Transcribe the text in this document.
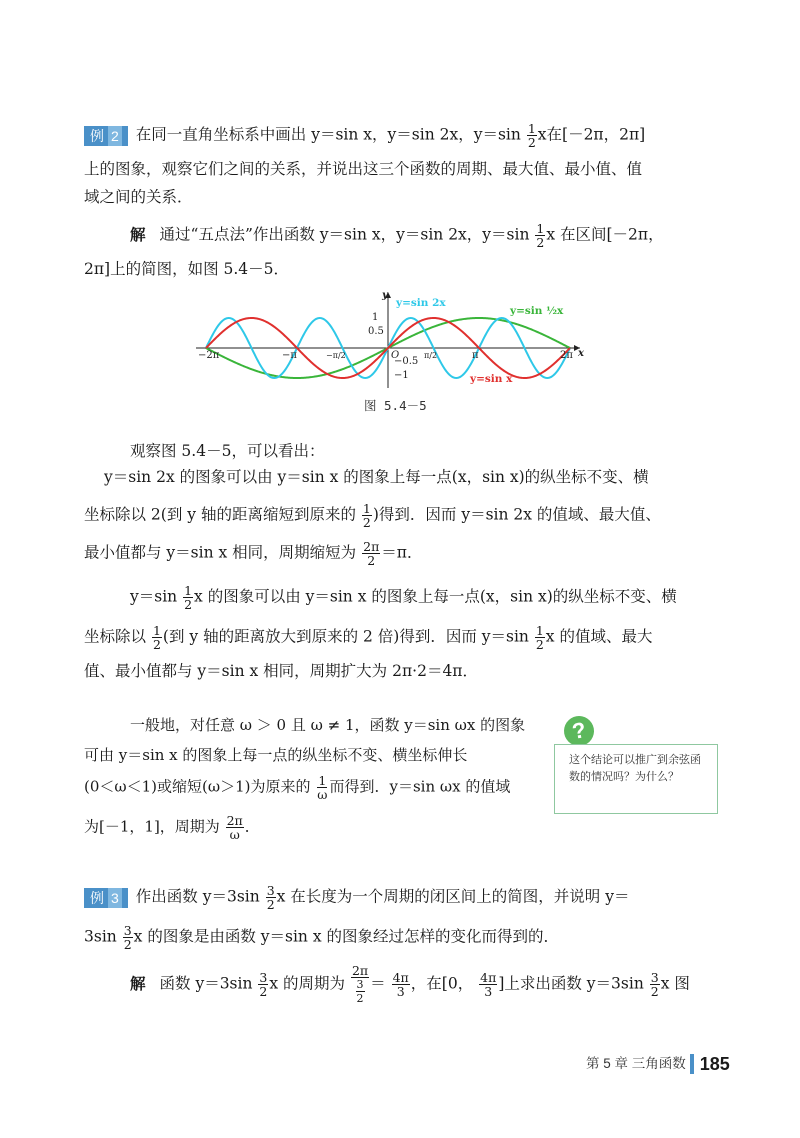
例 2 在同一直角坐标系中画出 y＝sin x，y＝sin 2x，$y=\sin \frac{1}{2}$ x在[－2π，2π]
上的图象，观察它们之间的关系，并说出这三个函数的周期、最大值、最小值、值
域之间的关系．
解 通过“五点法”作出函数 y＝sin x，y＝sin 2x，$y=\sin \frac{1}{2}$ x 在区间[－2π，
2π]上的简图，如图 5.4－5．
y
x
O
1
0.5
−0.5
−1
−2π	−π	−π/2	π/2	π	2π
y=sin 2x
y=sin ½x
y=sin x
图 5.4－5
观察图 5.4－5，可以看出：
y＝sin 2x 的图象可以由 y＝sin x 的图象上每一点(x，sin x)的纵坐标不变、横
坐标除以 2(到 y 轴的距离缩短到原来的 $\frac{1}{2}$ )得到．因而 y＝sin 2x 的值域、最大值、
最小值都与 y＝sin x 相同，周期缩短为 $\frac{2\pi}{2} =\pi$．
$y=\sin \frac{1}{2}$ x 的图象可以由 y＝sin x 的图象上每一点(x，sin x)的纵坐标不变、横
坐标除以 $\frac{1}{2}$ (到 y 轴的距离放大到原来的 2 倍)得到．因而 $y=\sin \frac{1}{2}$ x 的值域、最大
值、最小值都与 y＝sin x 相同，周期扩大为 2π·2＝4π．
一般地，对任意 ω ＞ 0 且 ω ≠ 1，函数 y＝sin ωx 的图象
可由 y＝sin x 的图象上每一点的纵坐标不变、横坐标伸长
(0＜ω＜1)或缩短(ω＞1)为原来的 $\frac{1}{\omega}$ 而得到．y＝sin ωx 的值域
为[－1，1]，周期为 $\frac{2\pi}{\omega}$ ．
?
这个结论可以推广到余弦函数的情况吗？为什么？
例 3 作出函数 $y=3\sin \frac{3}{2}$ x 在长度为一个周期的闭区间上的简图，并说明 y＝
$3\sin \frac{3}{2}$ x 的图象是由函数 y＝sin x 的图象经过怎样的变化而得到的．
解 函数 $y=3\sin \frac{3}{2}$ x 的周期为 $\frac{2\pi}{\frac{3}{2}} = \frac{4\pi}{3}$ ，在[0， $\frac{4\pi}{3}$ ]上求出函数 $y=3\sin \frac{3}{2}$ x 图
第 5 章 三角函数 185
